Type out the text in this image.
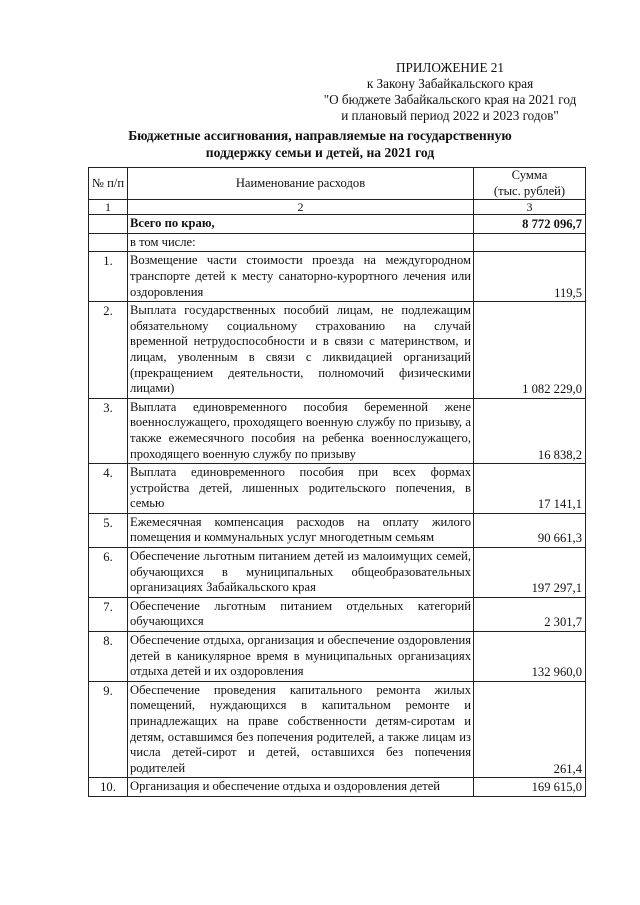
ПРИЛОЖЕНИЕ 21
к Закону Забайкальского края
"О бюджете Забайкальского края на 2021 год
и плановый период 2022 и 2023 годов"
Бюджетные ассигнования, направляемые на государственную
поддержку семьи и детей, на 2021 год
№ п/п	Наименование расходов	Сумма
(тыс. рублей)

1	2	3
	Всего по краю,	8 772 096,7
	в том числе:	
1.	Возмещение части стоимости проезда на междугородном транспорте детей к месту санаторно-курортного лечения или оздоровления	119,5
2.	Выплата государственных пособий лицам, не подлежащим обязательному социальному страхованию на случай временной нетрудоспособности и в связи с материнством, и лицам, уволенным в связи с ликвидацией организаций (прекращением деятельности, полномочий физическими лицами)	1 082 229,0
3.	Выплата единовременного пособия беременной жене военнослужащего, проходящего военную службу по призыву, а также ежемесячного пособия на ребенка военнослужащего, проходящего военную службу по призыву	16 838,2
4.	Выплата единовременного пособия при всех формах устройства детей, лишенных родительского попечения, в семью	17 141,1
5.	Ежемесячная компенсация расходов на оплату жилого помещения и коммунальных услуг многодетным семьям	90 661,3
6.	Обеспечение льготным питанием детей из малоимущих семей, обучающихся в муниципальных общеобразовательных организациях Забайкальского края	197 297,1
7.	Обеспечение льготным питанием отдельных категорий обучающихся	2 301,7
8.	Обеспечение отдыха, организация и обеспечение оздоровления детей в каникулярное время в муниципальных организациях отдыха детей и их оздоровления	132 960,0
9.	Обеспечение проведения капитального ремонта жилых помещений, нуждающихся в капитальном ремонте и принадлежащих на праве собственности детям-сиротам и детям, оставшимся без попечения родителей, а также лицам из числа детей-сирот и детей, оставшихся без попечения родителей	261,4
10.	Организация и обеспечение отдыха и оздоровления детей	169 615,0
